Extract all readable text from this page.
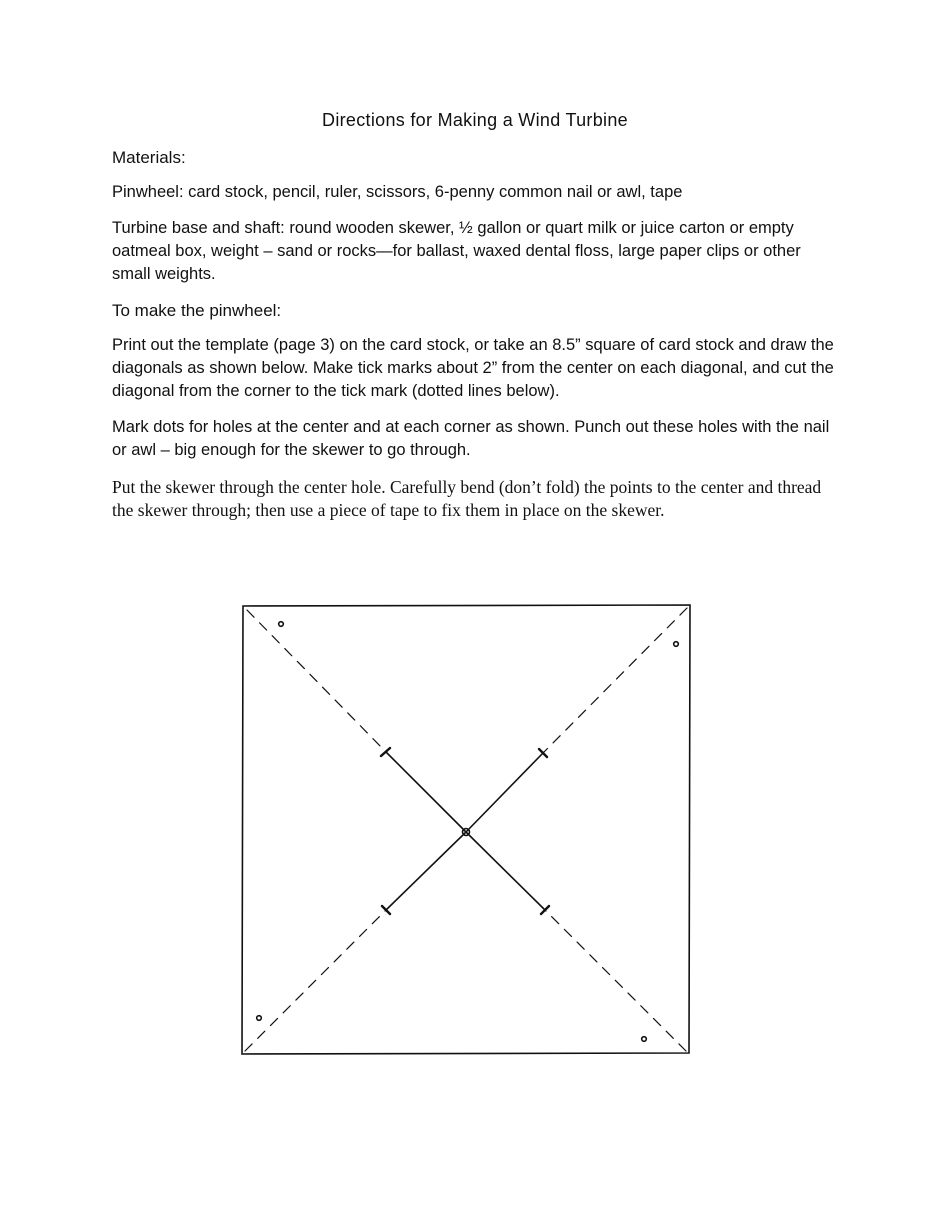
Directions for Making a Wind Turbine
Materials:
Pinwheel: card stock, pencil, ruler, scissors, 6-penny common nail or awl, tape
Turbine base and shaft: round wooden skewer, ½ gallon or quart milk or juice carton or empty oatmeal box, weight – sand or rocks—for ballast, waxed dental floss, large paper clips or other small weights.
To make the pinwheel:
Print out the template (page 3) on the card stock, or take an 8.5” square of card stock and draw the diagonals as shown below. Make tick marks about 2” from the center on each diagonal, and cut the diagonal from the corner to the tick mark (dotted lines below).
Mark dots for holes at the center and at each corner as shown. Punch out these holes with the nail or awl – big enough for the skewer to go through.
Put the skewer through the center hole. Carefully bend (don’t fold) the points to the center and thread the skewer through; then use a piece of tape to fix them in place on the skewer.
